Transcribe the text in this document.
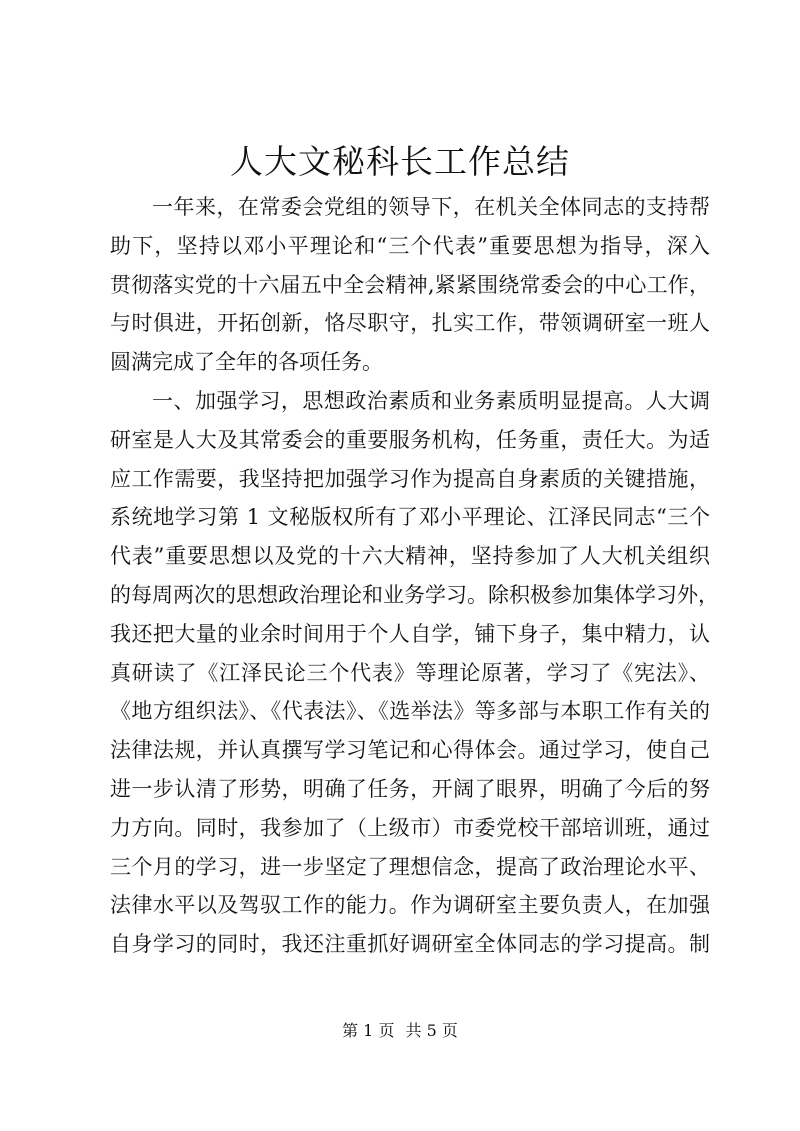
人大文秘科长工作总结
一年来，在常委会党组的领导下，在机关全体同志的支持帮
助下，坚持以邓小平理论和“三个代表”重要思想为指导，深入
贯彻落实党的十六届五中全会精神,紧紧围绕常委会的中心工作，
与时俱进，开拓创新，恪尽职守，扎实工作，带领调研室一班人
圆满完成了全年的各项任务。
一、加强学习，思想政治素质和业务素质明显提高。人大调
研室是人大及其常委会的重要服务机构，任务重，责任大。为适
应工作需要，我坚持把加强学习作为提高自身素质的关键措施，
系统地学习第 1 文秘版权所有了邓小平理论、江泽民同志“三个
代表”重要思想以及党的十六大精神，坚持参加了人大机关组织
的每周两次的思想政治理论和业务学习。除积极参加集体学习外，
我还把大量的业余时间用于个人自学，铺下身子，集中精力，认
真研读了《江泽民论三个代表》等理论原著，学习了《宪法》、
《地方组织法》、《代表法》、《选举法》等多部与本职工作有关的
法律法规，并认真撰写学习笔记和心得体会。通过学习，使自己
进一步认清了形势，明确了任务，开阔了眼界，明确了今后的努
力方向。同时，我参加了（上级市）市委党校干部培训班，通过
三个月的学习，进一步坚定了理想信念，提高了政治理论水平、
法律水平以及驾驭工作的能力。作为调研室主要负责人，在加强
自身学习的同时，我还注重抓好调研室全体同志的学习提高。制
第 1 页 共 5 页
